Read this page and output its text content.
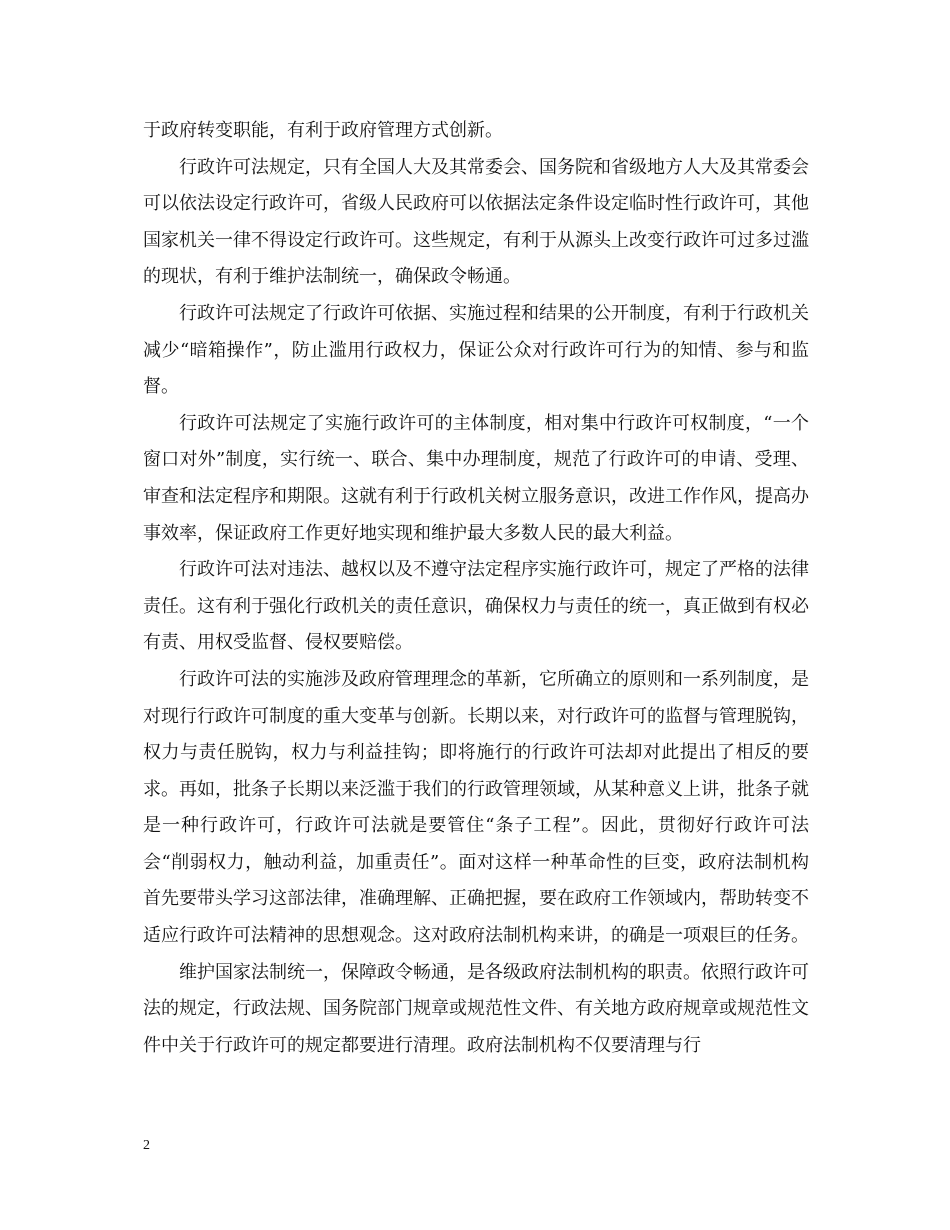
于政府转变职能，有利于政府管理方式创新。

行政许可法规定，只有全国人大及其常委会、国务院和省级地方人大及其常委会可以依法设定行政许可，省级人民政府可以依据法定条件设定临时性行政许可，其他国家机关一律不得设定行政许可。这些规定，有利于从源头上改变行政许可过多过滥的现状，有利于维护法制统一，确保政令畅通。

行政许可法规定了行政许可依据、实施过程和结果的公开制度，有利于行政机关减少“暗箱操作”，防止滥用行政权力，保证公众对行政许可行为的知情、参与和监督。

行政许可法规定了实施行政许可的主体制度，相对集中行政许可权制度，“一个窗口对外”制度，实行统一、联合、集中办理制度，规范了行政许可的申请、受理、审查和法定程序和期限。这就有利于行政机关树立服务意识，改进工作作风，提高办事效率，保证政府工作更好地实现和维护最大多数人民的最大利益。

行政许可法对违法、越权以及不遵守法定程序实施行政许可，规定了严格的法律责任。这有利于强化行政机关的责任意识，确保权力与责任的统一，真正做到有权必有责、用权受监督、侵权要赔偿。

行政许可法的实施涉及政府管理理念的革新，它所确立的原则和一系列制度，是对现行行政许可制度的重大变革与创新。长期以来，对行政许可的监督与管理脱钩，权力与责任脱钩，权力与利益挂钩；即将施行的行政许可法却对此提出了相反的要求。再如，批条子长期以来泛滥于我们的行政管理领域，从某种意义上讲，批条子就是一种行政许可，行政许可法就是要管住“条子工程”。因此，贯彻好行政许可法会“削弱权力，触动利益，加重责任”。面对这样一种革命性的巨变，政府法制机构首先要带头学习这部法律，准确理解、正确把握，要在政府工作领域内，帮助转变不适应行政许可法精神的思想观念。这对政府法制机构来讲，的确是一项艰巨的任务。

维护国家法制统一，保障政令畅通，是各级政府法制机构的职责。依照行政许可法的规定，行政法规、国务院部门规章或规范性文件、有关地方政府规章或规范性文件中关于行政许可的规定都要进行清理。政府法制机构不仅要清理与行

2
